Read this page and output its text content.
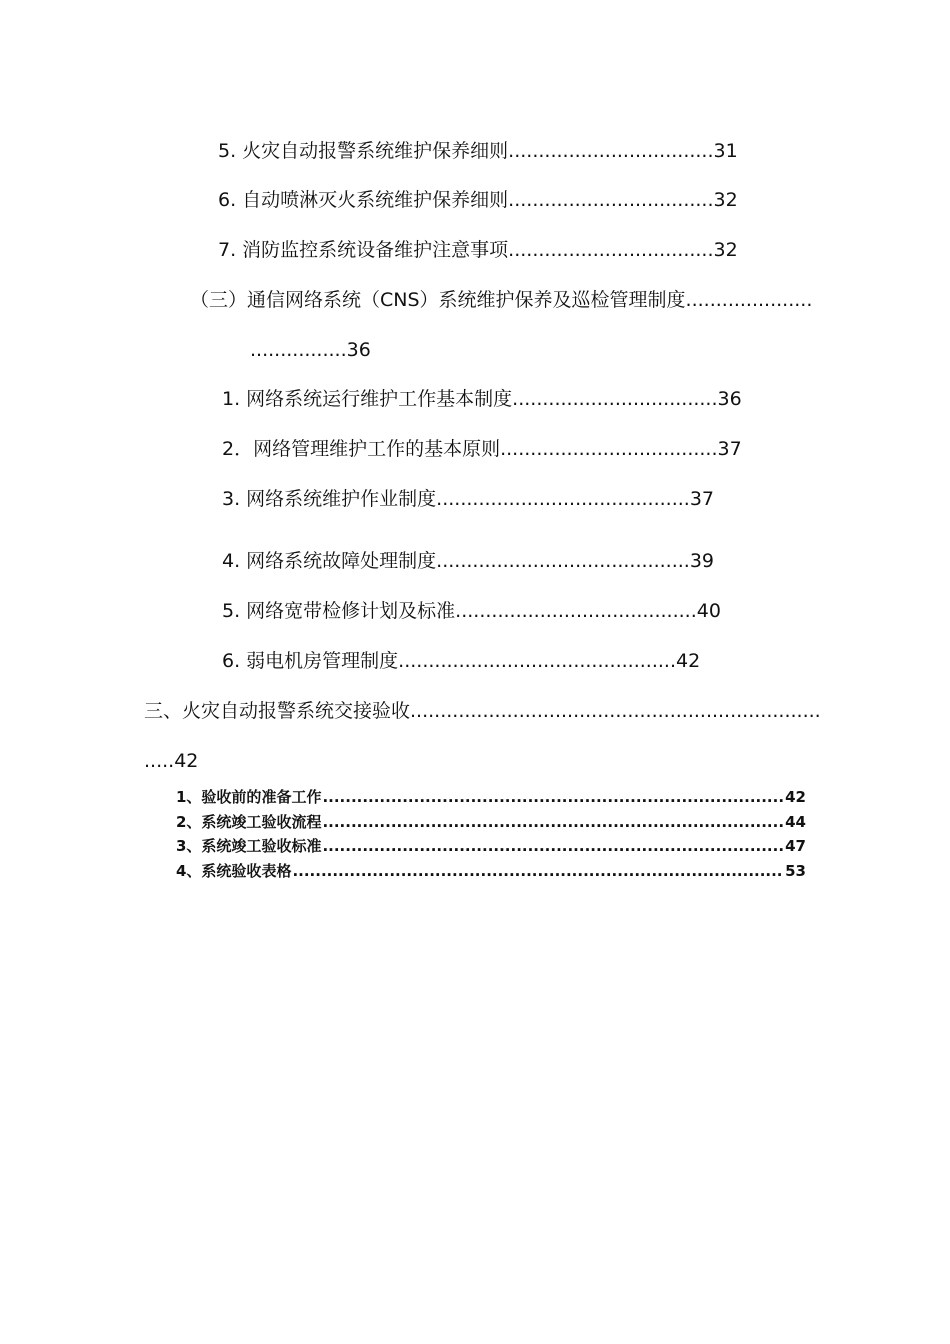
5. 火灾自动报警系统维护保养细则..................................31
6. 自动喷淋灭火系统维护保养细则..................................32
7. 消防监控系统设备维护注意事项..................................32
（三）通信网络系统（CNS）系统维护保养及巡检管理制度.....................
................36
1. 网络系统运行维护工作基本制度..................................36
2．网络管理维护工作的基本原则....................................37
3. 网络系统维护作业制度..........................................37
4. 网络系统故障处理制度..........................................39
5. 网络宽带检修计划及标准........................................40
6. 弱电机房管理制度..............................................42
三、火灾自动报警系统交接验收....................................................................
.....42
1、验收前的准备工作 .....	42
2、系统竣工验收流程 .....	44
3、系统竣工验收标准 .....	47
4、系统验收表格 .....	53
